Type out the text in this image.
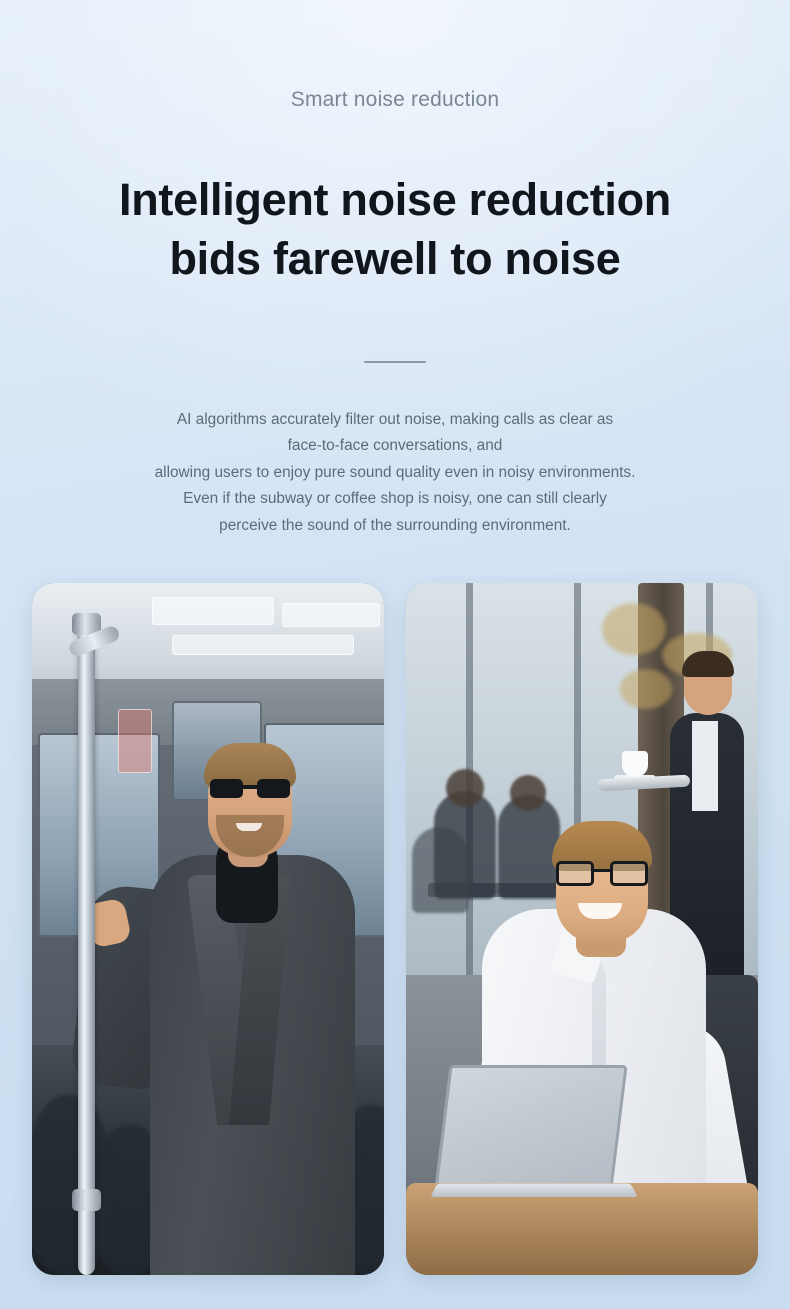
Smart noise reduction
Intelligent noise reduction
bids farewell to noise
AI algorithms accurately filter out noise, making calls as clear as
face-to-face conversations, and
allowing users to enjoy pure sound quality even in noisy environments.
Even if the subway or coffee shop is noisy, one can still clearly
perceive the sound of the surrounding environment.
